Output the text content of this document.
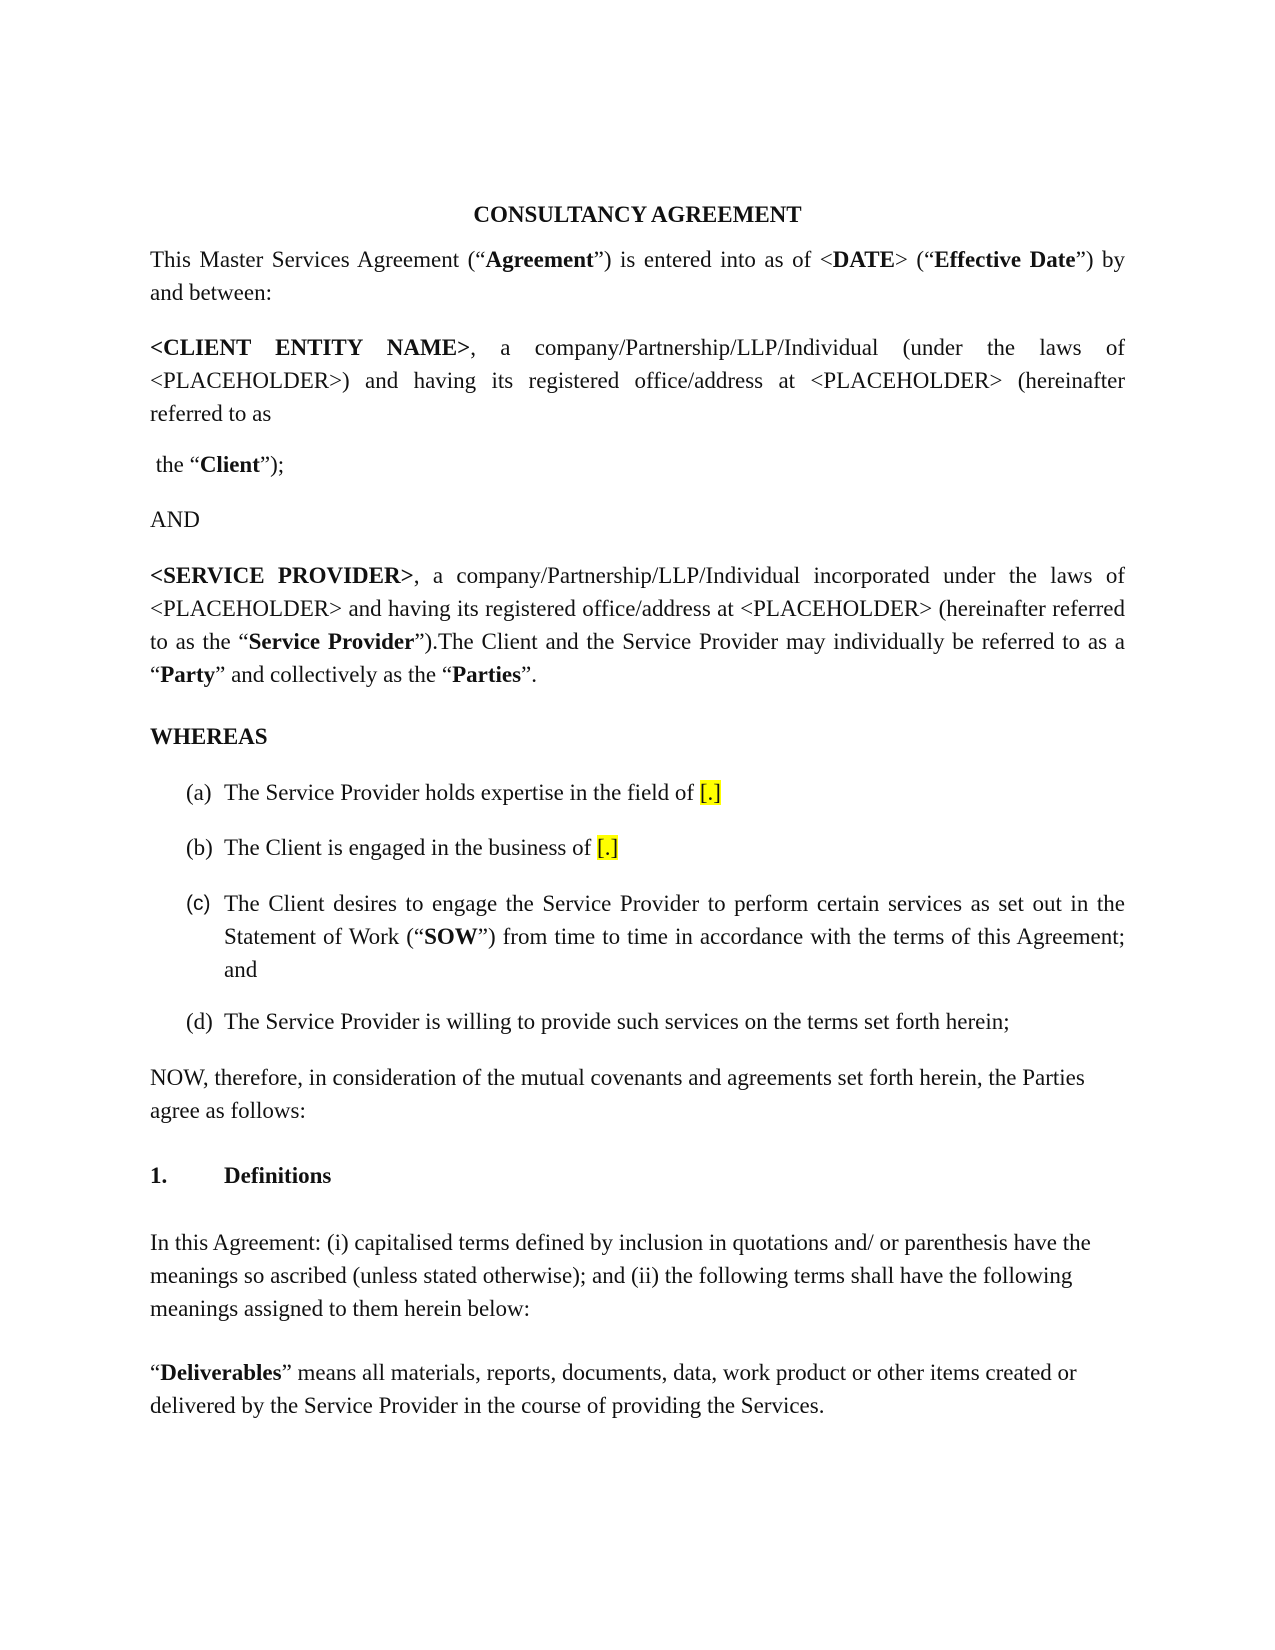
CONSULTANCY AGREEMENT

This Master Services Agreement (“Agreement”) is entered into as of <DATE> (“Effective Date”) by and between:

<CLIENT ENTITY NAME>, a company/Partnership/LLP/Individual (under the laws of <PLACEHOLDER>) and having its registered office/address at <PLACEHOLDER> (hereinafter referred to as

the “Client”);

AND

<SERVICE PROVIDER>, a company/Partnership/LLP/Individual incorporated under the laws of <PLACEHOLDER> and having its registered office/address at <PLACEHOLDER> (hereinafter referred to as the “Service Provider”).The Client and the Service Provider may individually be referred to as a “Party” and collectively as the “Parties”.

WHEREAS

(a) The Service Provider holds expertise in the field of [.]
(b) The Client is engaged in the business of [.]
(c) The Client desires to engage the Service Provider to perform certain services as set out in the Statement of Work (“SOW”) from time to time in accordance with the terms of this Agreement; and
(d) The Service Provider is willing to provide such services on the terms set forth herein;

NOW, therefore, in consideration of the mutual covenants and agreements set forth herein, the Parties agree as follows:

1. Definitions

In this Agreement: (i) capitalised terms defined by inclusion in quotations and/ or parenthesis have the meanings so ascribed (unless stated otherwise); and (ii) the following terms shall have the following meanings assigned to them herein below:

“Deliverables” means all materials, reports, documents, data, work product or other items created or delivered by the Service Provider in the course of providing the Services.
